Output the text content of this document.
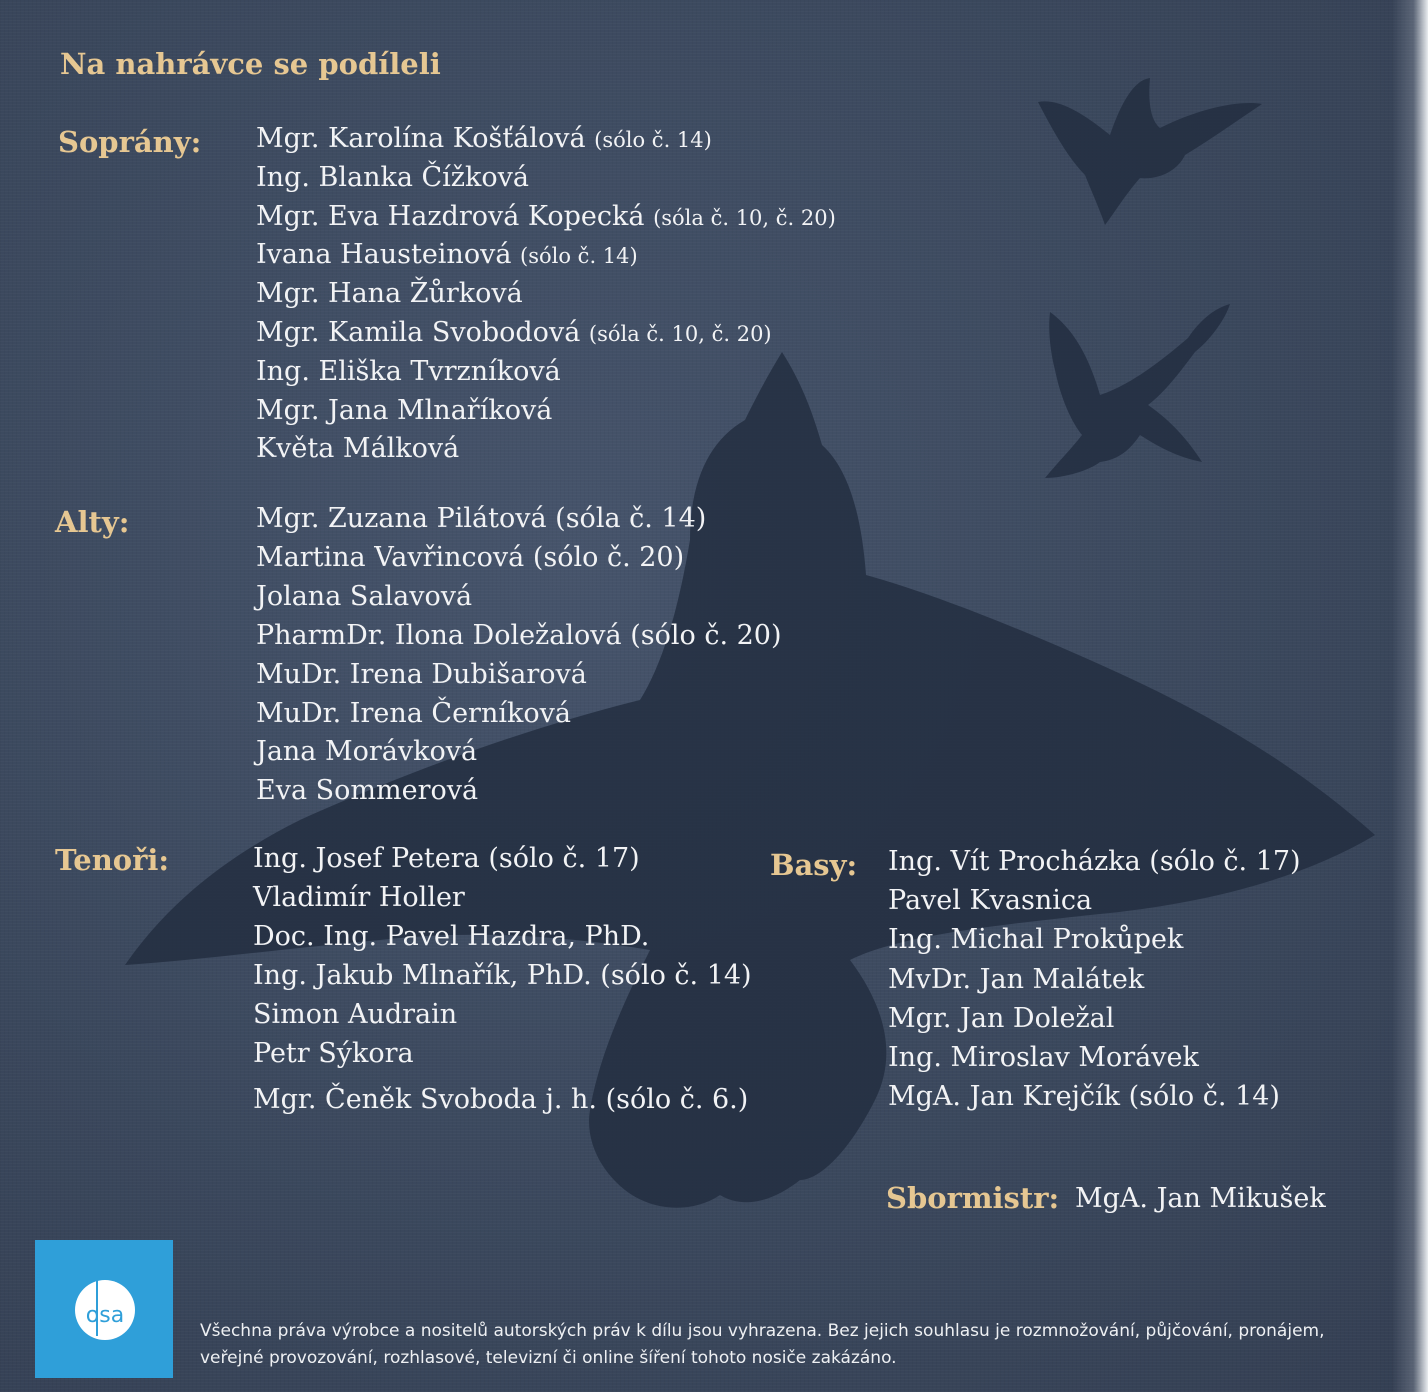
Na nahrávce se podíleli
Soprány: Mgr. Karolína Košťálová (sólo č. 14)

Ing. Blanka Čížková

Mgr. Eva Hazdrová Kopecká (sóla č. 10, č. 20)

Ivana Hausteinová (sólo č. 14)

Mgr. Hana Žůrková

Mgr. Kamila Svobodová (sóla č. 10, č. 20)

Ing. Eliška Tvrzníková

Mgr. Jana Mlnaříková

Květa Málková

Alty:	Mgr. Zuzana Pilátová (sóla č. 14)

Martina Vavřincová (sólo č. 20)

Jolana Salavová

PharmDr. Ilona Doležalová (sólo č. 20)

MuDr. Irena Dubišarová

MuDr. Irena Černíková

Jana Morávková

Eva Sommerová

Tenoři:	Ing. Josef Petera (sólo č. 17)

Vladimír Holler

Doc. Ing. Pavel Hazdra, PhD.

Ing. Jakub Mlnařík, PhD. (sólo č. 14)

Simon Audrain

Petr Sýkora

Mgr. Čeněk Svoboda j. h. (sólo č. 6.)

Basy: Ing. Vít Procházka (sólo č. 17)

Pavel Kvasnica

Ing. Michal Prokůpek

MvDr. Jan Malátek

Mgr. Jan Doležal

Ing. Miroslav Morávek

MgA. Jan Krejčík (sólo č. 14)

Sbormistr: MgA. Jan Mikušek

osa

Všechna práva výrobce a nositelů autorských práv k dílu jsou vyhrazena. Bez jejich souhlasu je rozmnožování, půjčování, pronájem, veřejné provozování, rozhlasové, televizní či online šíření tohoto nosiče zakázáno.
